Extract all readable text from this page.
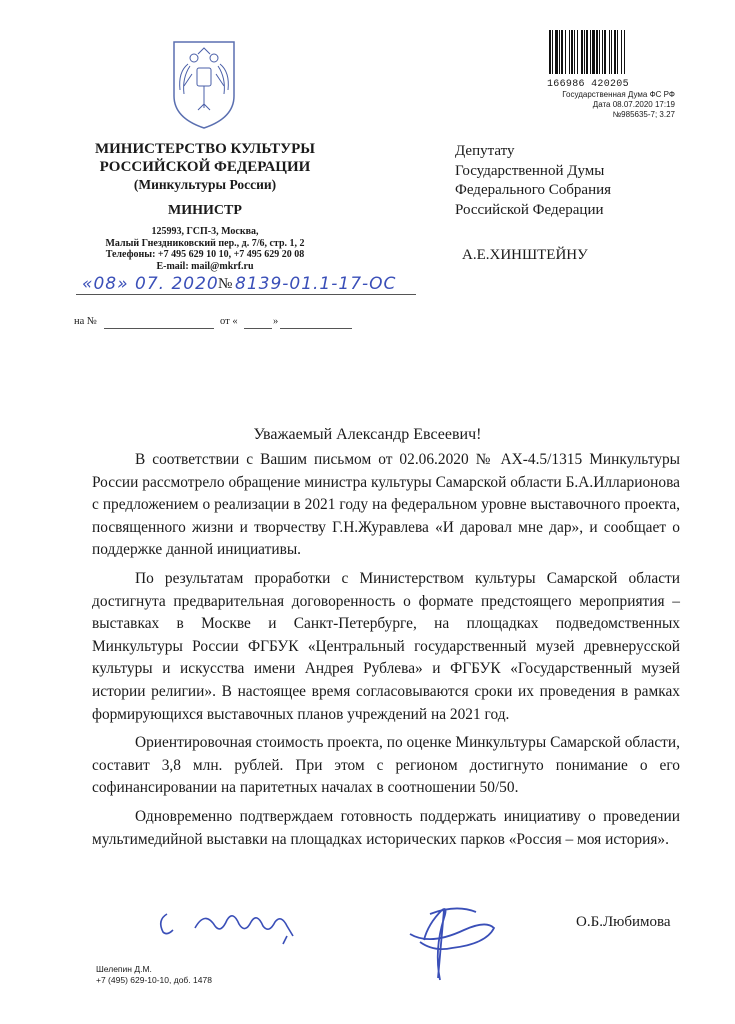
МИНИСТЕРСТВО КУЛЬТУРЫ
РОССИЙСКОЙ ФЕДЕРАЦИИ
(Минкультуры России)
МИНИСТР
125993, ГСП-3, Москва,
Малый Гнездниковский пер., д. 7/6, стр. 1, 2
Телефоны: +7 495 629 10 10, +7 495 629 20 08
E-mail: mail@mkrf.ru
«08» 07. 2020 № 8139-01.1-17-ОС
на №	от «	»
166986 420205
Государственная Дума ФС РФ
Дата 08.07.2020 17:19
№985635-7; 3.27
Депутату
Государственной Думы
Федерального Собрания
Российской Федерации
А.Е.ХИНШТЕЙНУ
Уважаемый Александр Евсеевич!

В соответствии с Вашим письмом от 02.06.2020 № АХ-4.5/1315 Минкультуры России рассмотрело обращение министра культуры Самарской области Б.А.Илларионова с предложением о реализации в 2021 году на федеральном уровне выставочного проекта, посвященного жизни и творчеству Г.Н.Журавлева «И даровал мне дар», и сообщает о поддержке данной инициативы.

По результатам проработки с Министерством культуры Самарской области достигнута предварительная договоренность о формате предстоящего мероприятия – выставках в Москве и Санкт-Петербурге, на площадках подведомственных Минкультуры России ФГБУК «Центральный государственный музей древнерусской культуры и искусства имени Андрея Рублева» и ФГБУК «Государственный музей истории религии». В настоящее время согласовываются сроки их проведения в рамках формирующихся выставочных планов учреждений на 2021 год.

Ориентировочная стоимость проекта, по оценке Минкультуры Самарской области, составит 3,8 млн. рублей. При этом с регионом достигнуто понимание о его софинансировании на паритетных началах в соотношении 50/50.

Одновременно подтверждаем готовность поддержать инициативу о проведении мультимедийной выставки на площадках исторических парков «Россия – моя история».

О.Б.Любимова
Шелепин Д.М.
+7 (495) 629-10-10, доб. 1478
